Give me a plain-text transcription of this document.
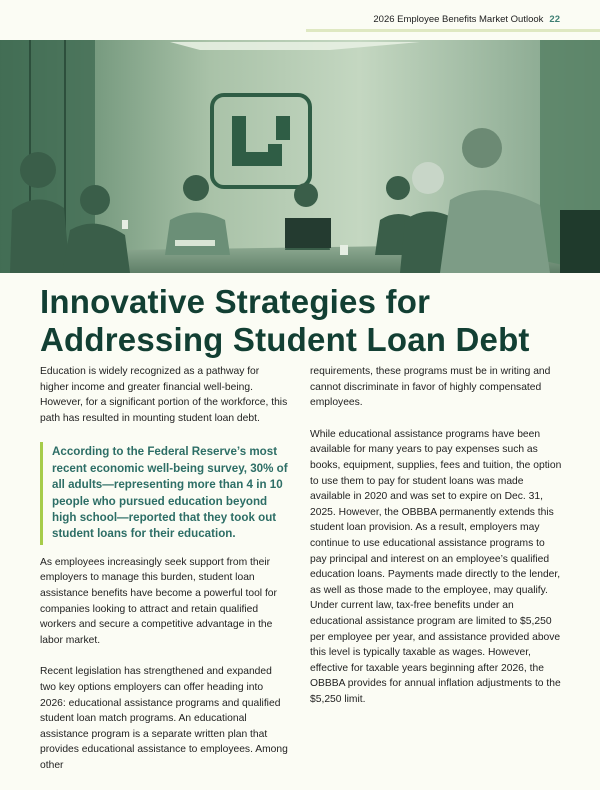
2026 Employee Benefits Market Outlook 22
Innovative Strategies for
Addressing Student Loan Debt

Education is widely recognized as a pathway for higher income and greater financial well-being. However, for a significant portion of the workforce, this path has resulted in mounting student loan debt.

According to the Federal Reserve’s most recent economic well-being survey, 30% of all adults—representing more than 4 in 10 people who pursued education beyond high school—reported that they took out student loans for their education.

As employees increasingly seek support from their employers to manage this burden, student loan assistance benefits have become a powerful tool for companies looking to attract and retain qualified workers and secure a competitive advantage in the labor market.

Recent legislation has strengthened and expanded two key options employers can offer heading into 2026: educational assistance programs and qualified student loan match programs. An educational assistance program is a separate written plan that provides educational assistance to employees. Among other

requirements, these programs must be in writing and cannot discriminate in favor of highly compensated employees.

While educational assistance programs have been available for many years to pay expenses such as books, equipment, supplies, fees and tuition, the option to use them to pay for student loans was made available in 2020 and was set to expire on Dec. 31, 2025. However, the OBBBA permanently extends this student loan provision. As a result, employers may continue to use educational assistance programs to pay principal and interest on an employee’s qualified education loans. Payments made directly to the lender, as well as those made to the employee, may qualify. Under current law, tax-free benefits under an educational assistance program are limited to $5,250 per employee per year, and assistance provided above this level is typically taxable as wages. However, effective for taxable years beginning after 2026, the OBBBA provides for annual inflation adjustments to the $5,250 limit.
